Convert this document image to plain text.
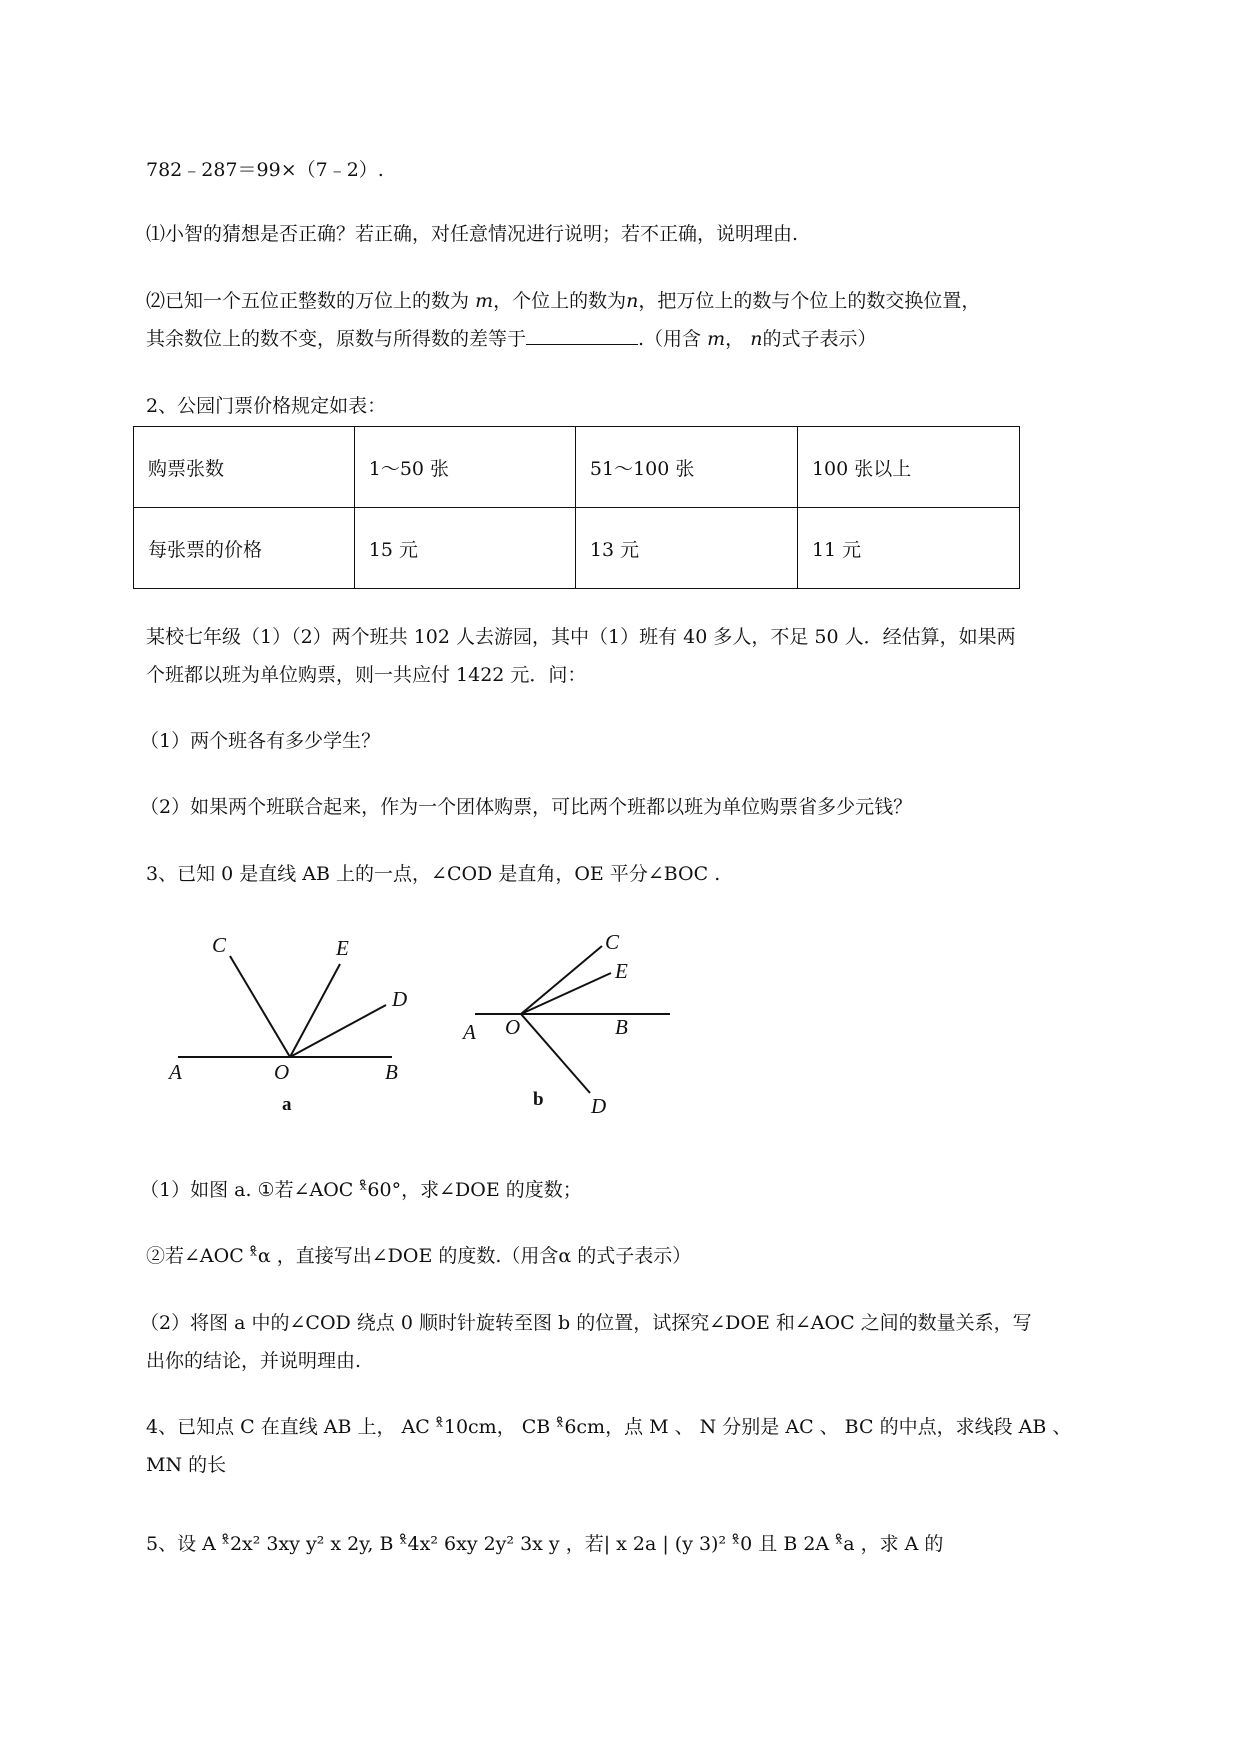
782﹣287＝99×（7﹣2）.
⑴小智的猜想是否正确？若正确，对任意情况进行说明；若不正确，说明理由.
⑵已知一个五位正整数的万位上的数为 m，个位上的数为n，把万位上的数与个位上的数交换位置，
其余数位上的数不变，原数与所得数的差等于	.（用含 m， n的式子表示）
2、公园门票价格规定如表：
购票张数	1～50 张	51～100 张	100 张以上
每张票的价格	15 元	13 元	11 元
某校七年级（1）（2）两个班共 102 人去游园，其中（1）班有 40 多人，不足 50 人．经估算，如果两
个班都以班为单位购票，则一共应付 1422 元．问：
（1）两个班各有多少学生？
（2）如果两个班联合起来，作为一个团体购票，可比两个班都以班为单位购票省多少元钱？
3、已知 0 是直线 AB 上的一点，∠COD 是直角，OE 平分∠BOC .
C	E
D
A	O	B
a
C
E
A O	B
D
b
（1）如图 a. ①若∠AOC ˣ̊60°，求∠DOE 的度数；
②若∠AOC ˣ̊α ，直接写出∠DOE 的度数.（用含α 的式子表示）
（2）将图 a 中的∠COD 绕点 0 顺时针旋转至图 b 的位置，试探究∠DOE 和∠AOC 之间的数量关系，写
出你的结论，并说明理由.
4、已知点 C 在直线 AB 上， AC ˣ̊10cm， CB ˣ̊6cm，点 M 、 N 分别是 AC 、 BC 的中点，求线段 AB 、
MN 的长
5、设 A ˣ̊2x² 3xy y² x 2y, B ˣ̊4x² 6xy 2y² 3x y ，若| x 2a | (y 3)² ˣ̊0 且 B 2A ˣ̊a ，求 A 的
